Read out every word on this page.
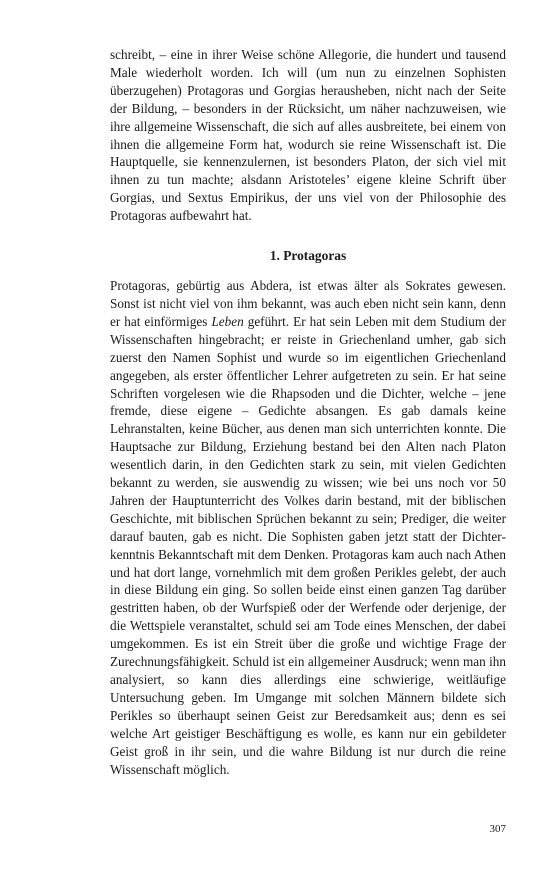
schreibt, – eine in ihrer Weise schöne Allegorie, die hundert und tausend Male wiederholt worden. Ich will (um nun zu einzelnen Sophisten überzugehen) Protagoras und Gorgias herausheben, nicht nach der Seite der Bildung, – besonders in der Rücksicht, um näher nachzuweisen, wie ihre allgemeine Wissenschaft, die sich auf alles ausbreitete, bei einem von ihnen die allgemeine Form hat, wodurch sie reine Wissenschaft ist. Die Hauptquelle, sie kennenzulernen, ist besonders Platon, der sich viel mit ihnen zu tun machte; alsdann Aristoteles’ eigene kleine Schrift über Gorgias, und Sextus Empirikus, der uns viel von der Philosophie des Protagoras aufbewahrt hat.

1. Protagoras

Protagoras, gebürtig aus Abdera, ist etwas älter als Sokrates gewesen. Sonst ist nicht viel von ihm bekannt, was auch eben nicht sein kann, denn er hat einförmiges Leben geführt. Er hat sein Leben mit dem Studium der Wissenschaften hingebracht; er reiste in Griechenland umher, gab sich zuerst den Namen Sophist und wurde so im eigentlichen Griechenland angegeben, als erster öffentlicher Lehrer aufgetreten zu sein. Er hat seine Schriften vorgelesen wie die Rhapsoden und die Dichter, welche – jene fremde, diese eigene – Gedichte absangen. Es gab damals keine Lehranstalten, keine Bücher, aus denen man sich unterrichten konnte. Die Hauptsache zur Bildung, Erziehung bestand bei den Alten nach Platon wesentlich darin, in den Gedichten stark zu sein, mit vielen Gedichten bekannt zu werden, sie auswendig zu wissen; wie bei uns noch vor 50 Jahren der Hauptunterricht des Volkes darin bestand, mit der biblischen Geschichte, mit biblischen Sprüchen bekannt zu sein; Prediger, die weiter darauf bauten, gab es nicht. Die Sophisten gaben jetzt statt der Dichterkenntnis Bekanntschaft mit dem Denken. Protagoras kam auch nach Athen und hat dort lange, vornehmlich mit dem großen Perikles gelebt, der auch in diese Bildung ein ging. So sollen beide einst einen ganzen Tag darüber gestritten haben, ob der Wurfspieß oder der Werfende oder derjenige, der die Wettspiele veranstaltet, schuld sei am Tode eines Menschen, der dabei umgekommen. Es ist ein Streit über die große und wichtige Frage der Zurechnungsfähigkeit. Schuld ist ein allgemeiner Ausdruck; wenn man ihn analysiert, so kann dies allerdings eine schwierige, weitläufige Untersuchung geben. Im Umgange mit solchen Männern bildete sich Perikles so überhaupt seinen Geist zur Beredsamkeit aus; denn es sei welche Art geistiger Beschäftigung es wolle, es kann nur ein gebildeter Geist groß in ihr sein, und die wahre Bildung ist nur durch die reine Wissenschaft möglich.

307
